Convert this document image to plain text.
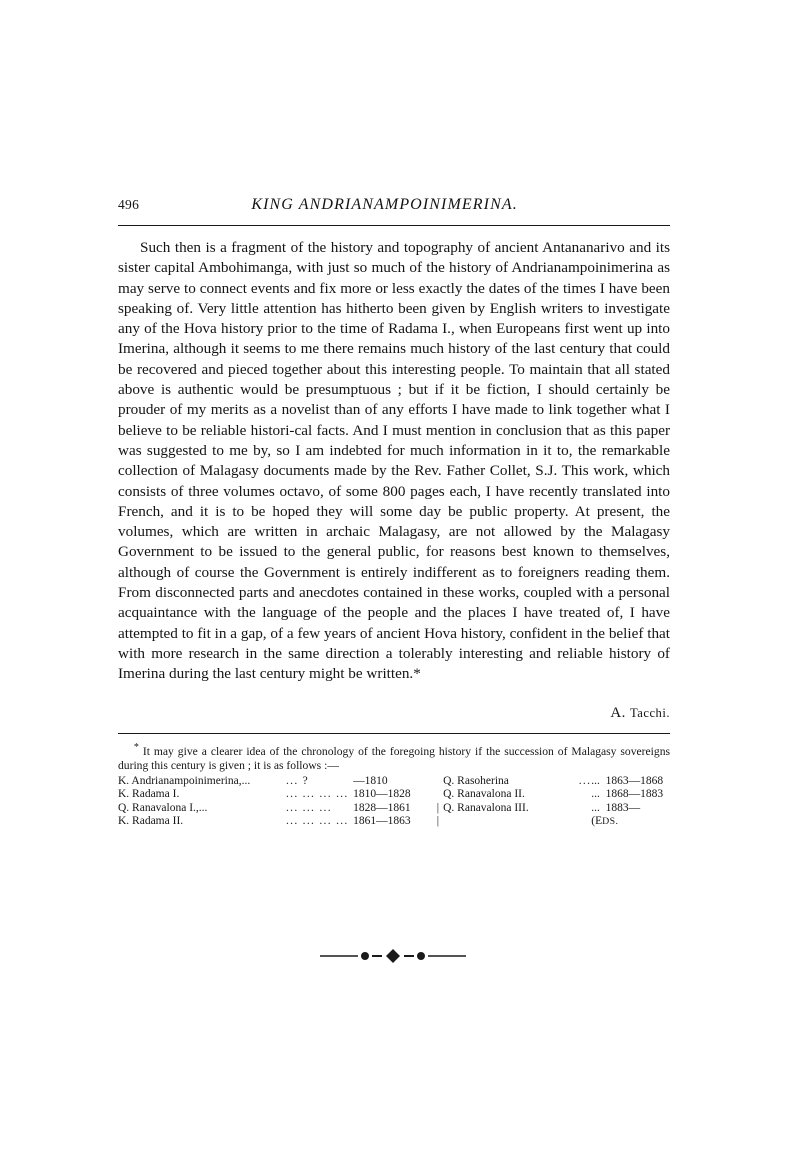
496	KING ANDRIANAMPOINIMERINA.

Such then is a fragment of the history and topography of ancient Antananarivo and its sister capital Ambohimanga, with just so much of the history of Andrianampoinimerina as may serve to connect events and fix more or less exactly the dates of the times I have been speaking of. Very little attention has hitherto been given by English writers to investigate any of the Hova history prior to the time of Radama I., when Europeans first went up into Imerina, although it seems to me there remains much history of the last century that could be recovered and pieced together about this interesting people. To maintain that all stated above is authentic would be presumptuous ; but if it be fiction, I should certainly be prouder of my merits as a novelist than of any efforts I have made to link together what I believe to be reliable histori-cal facts. And I must mention in conclusion that as this paper was suggested to me by, so I am indebted for much information in it to, the remarkable collection of Malagasy documents made by the Rev. Father Collet, S.J. This work, which consists of three volumes octavo, of some 800 pages each, I have recently translated into French, and it is to be hoped they will some day be public property. At present, the volumes, which are written in archaic Malagasy, are not allowed by the Malagasy Government to be issued to the general public, for reasons best known to themselves, although of course the Government is entirely indifferent as to foreigners reading them. From disconnected parts and anecdotes contained in these works, coupled with a personal acquaintance with the language of the people and the places I have treated of, I have attempted to fit in a gap, of a few years of ancient Hova history, confident in the belief that with more research in the same direction a tolerably interesting and reliable history of Imerina during the last century might be written.*

A. Tacchi.
* It may give a clearer idea of the chronology of the foregoing history if the succession of Malagasy sovereigns during this century is given ; it is as follows :—
K. Andrianampoinimerina,...	... ?	—1810		Q. Rasoherina	...	... 1863—1868
K. Radama I.	... ... ... ...	1810—1828		Q. Ranavalona II.		... 1868—1883
Q. Ranavalona I.,...	... ... ...	1828—1861	|	Q. Ranavalona III.		... 1883—
K. Radama II.	... ... ... ...	1861—1863	|			(EDS.
